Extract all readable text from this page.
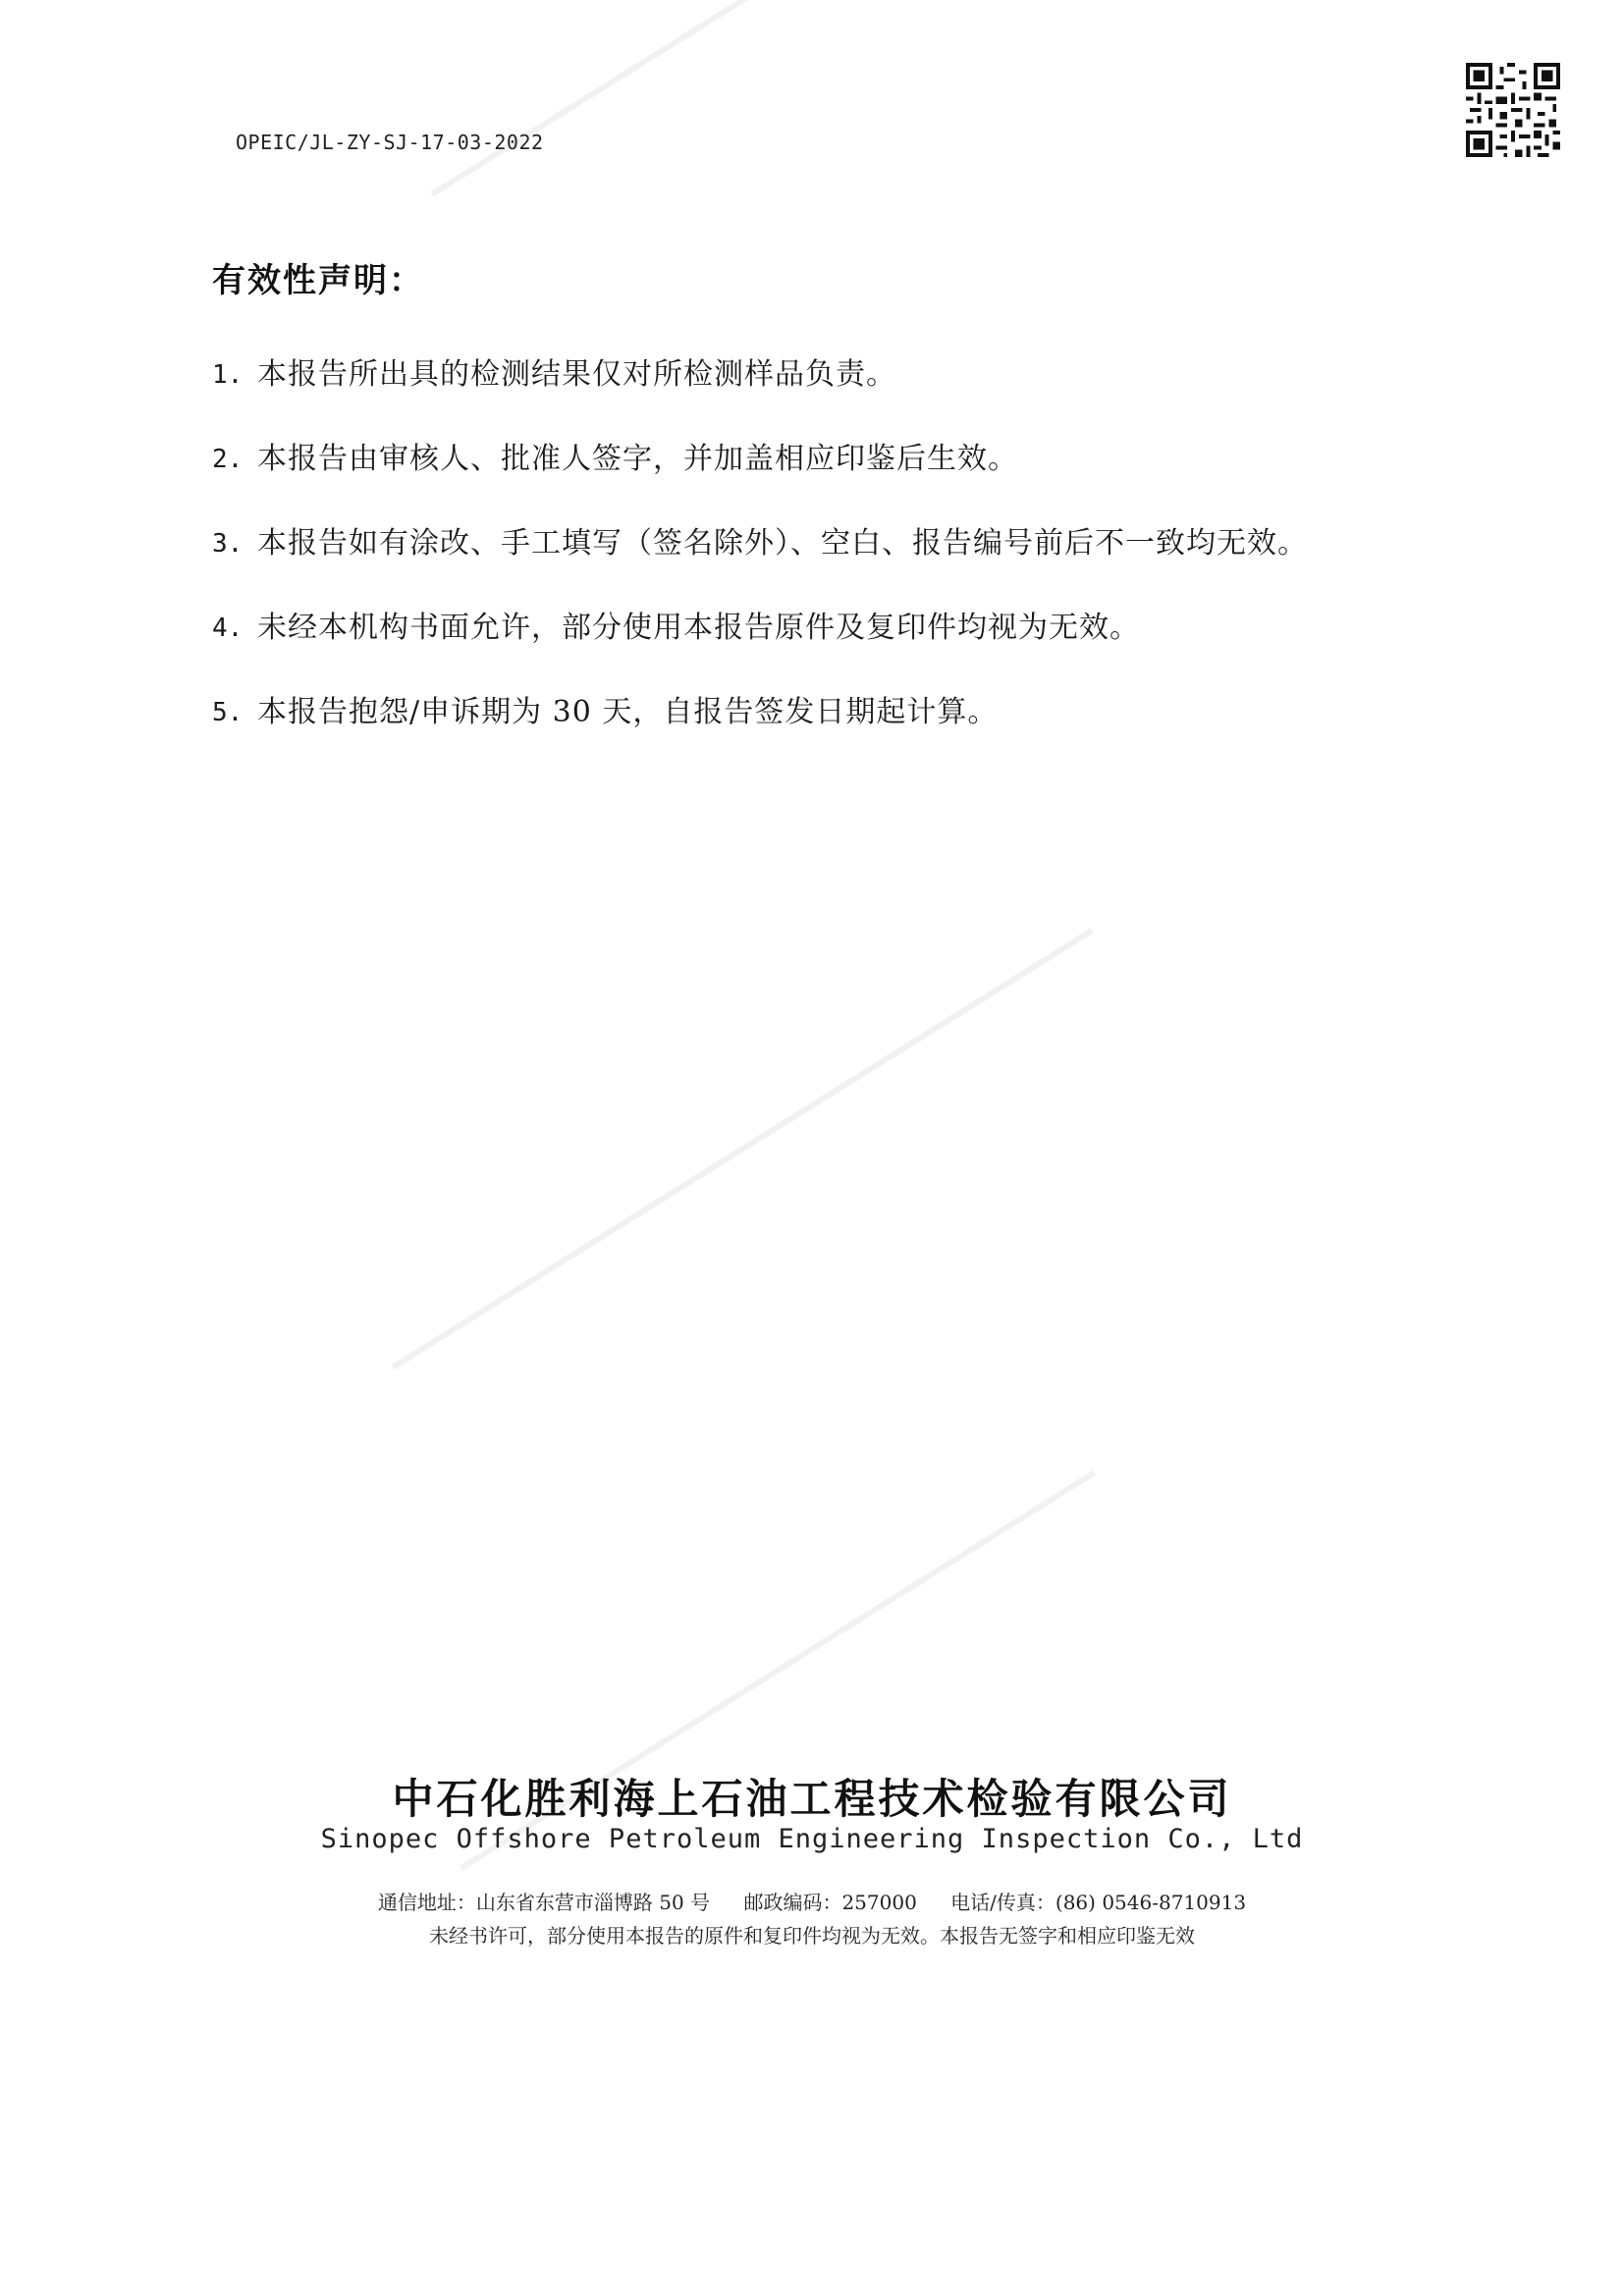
OPEIC/JL-ZY-SJ-17-03-2022
有效性声明：
1. 本报告所出具的检测结果仅对所检测样品负责。
2. 本报告由审核人、批准人签字，并加盖相应印鉴后生效。
3. 本报告如有涂改、手工填写（签名除外）、空白、报告编号前后不一致均无效。
4. 未经本机构书面允许，部分使用本报告原件及复印件均视为无效。
5. 本报告抱怨/申诉期为 30 天，自报告签发日期起计算。
中石化胜利海上石油工程技术检验有限公司
Sinopec Offshore Petroleum Engineering Inspection Co., Ltd
通信地址：山东省东营市淄博路 50 号 邮政编码：257000 电话/传真：(86) 0546-8710913
未经书许可，部分使用本报告的原件和复印件均视为无效。本报告无签字和相应印鉴无效
